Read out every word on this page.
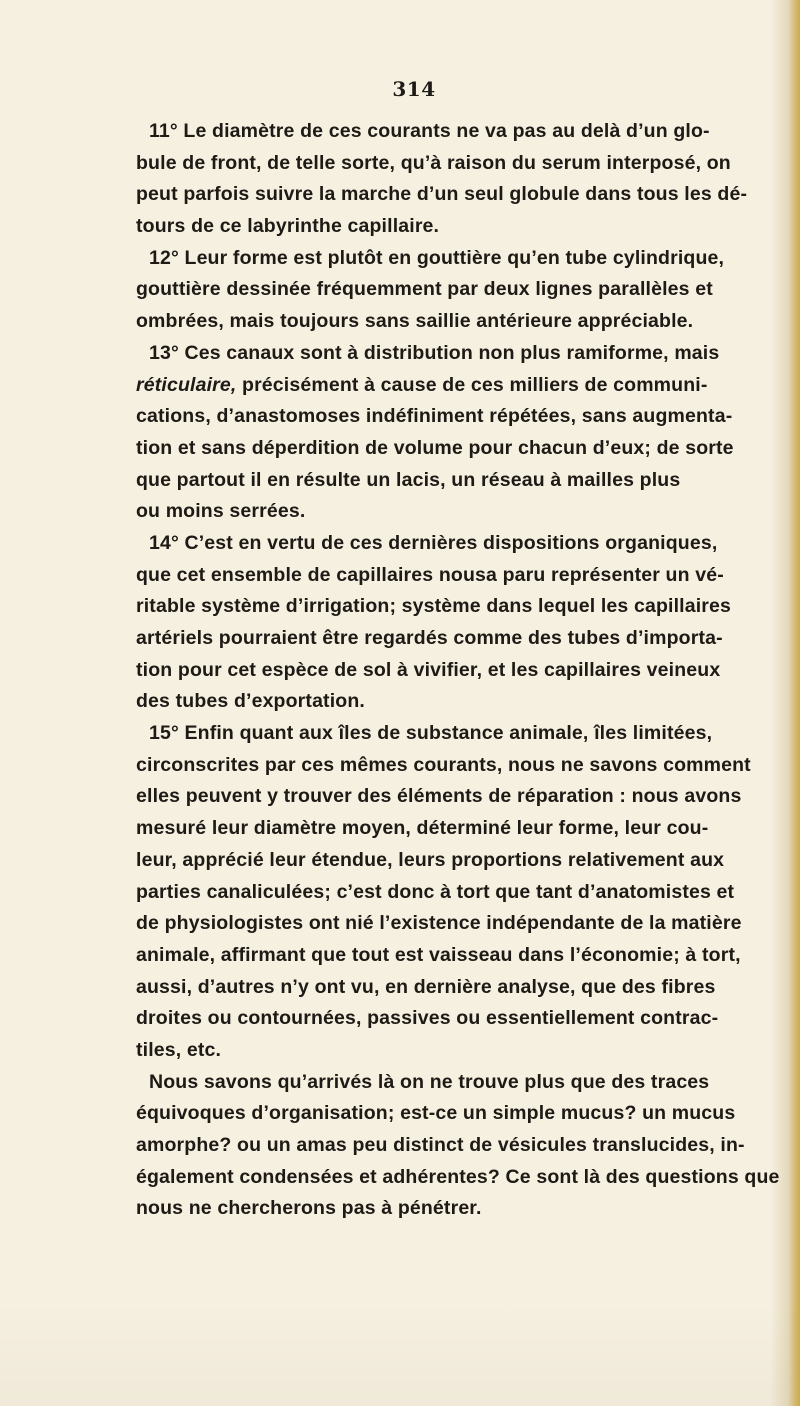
314
11° Le diamètre de ces courants ne va pas au delà d’un glo-
bule de front, de telle sorte, qu’à raison du serum interposé, on
peut parfois suivre la marche d’un seul globule dans tous les dé-
tours de ce labyrinthe capillaire.
12° Leur forme est plutôt en gouttière qu’en tube cylindrique,
gouttière dessinée fréquemment par deux lignes parallèles et
ombrées, mais toujours sans saillie antérieure appréciable.
13° Ces canaux sont à distribution non plus ramiforme, mais
réticulaire, précisément à cause de ces milliers de communi-
cations, d’anastomoses indéfiniment répétées, sans augmenta-
tion et sans déperdition de volume pour chacun d’eux; de sorte
que partout il en résulte un lacis, un réseau à mailles plus
ou moins serrées.
14° C’est en vertu de ces dernières dispositions organiques,
que cet ensemble de capillaires nousa paru représenter un vé-
ritable système d’irrigation; système dans lequel les capillaires
artériels pourraient être regardés comme des tubes d’importa-
tion pour cet espèce de sol à vivifier, et les capillaires veineux
des tubes d’exportation.
15° Enfin quant aux îles de substance animale, îles limitées,
circonscrites par ces mêmes courants, nous ne savons comment
elles peuvent y trouver des éléments de réparation : nous avons
mesuré leur diamètre moyen, déterminé leur forme, leur cou-
leur, apprécié leur étendue, leurs proportions relativement aux
parties canaliculées; c’est donc à tort que tant d’anatomistes et
de physiologistes ont nié l’existence indépendante de la matière
animale, affirmant que tout est vaisseau dans l’économie; à tort,
aussi, d’autres n’y ont vu, en dernière analyse, que des fibres
droites ou contournées, passives ou essentiellement contrac-
tiles, etc.
Nous savons qu’arrivés là on ne trouve plus que des traces
équivoques d’organisation; est-ce un simple mucus? un mucus
amorphe? ou un amas peu distinct de vésicules translucides, in-
également condensées et adhérentes? Ce sont là des questions que
nous ne chercherons pas à pénétrer.
